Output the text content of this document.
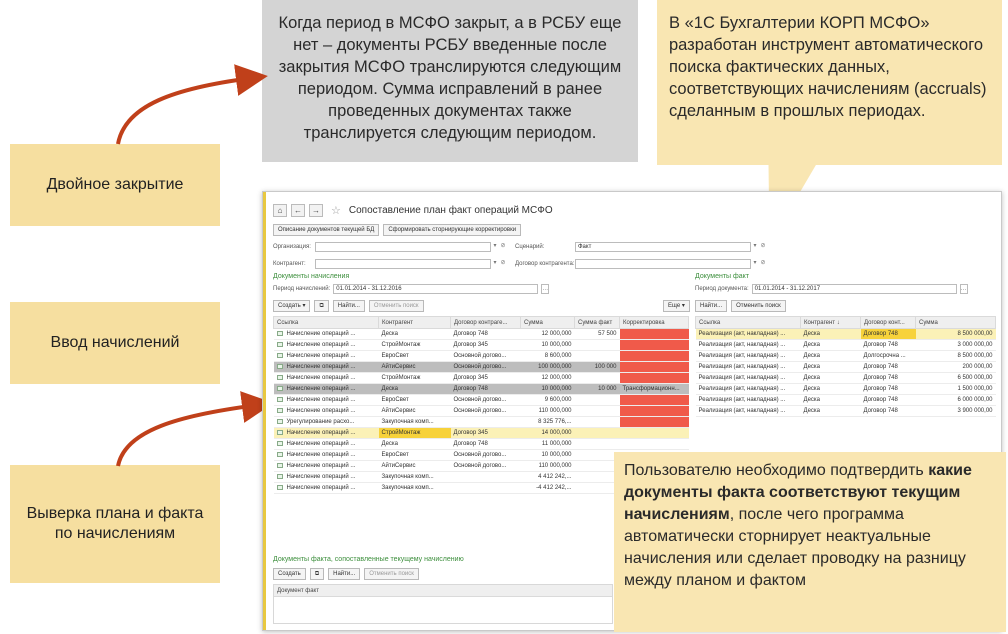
Когда период в МСФО закрыт, а в РСБУ еще нет – документы РСБУ введенные после закрытия МСФО транслируются следующим периодом. Сумма исправлений в ранее проведенных документах также транслируется следующим периодом.
В «1С Бухгалтерии КОРП МСФО» разработан инструмент автоматического поиска фактических данных, соответствующих начислениям (accruals) сделанным в прошлых периодах.
Двойное закрытие
Ввод начислений
Выверка плана и факта по начислениям
⌂	←	→ ☆ Сопоставление план факт операций МСФО
Описание документов текущей БД	Сформировать сторнирующие корректировки
Организация:	▾ ⊘ Сценарий:	Факт	▾ ⊘
Контрагент:	▾ ⊘ Договор контрагента:	▾ ⊘
Документы начисления
Период начислений:	01.01.2014 - 31.12.2016	…
Документы факт
Период документа:	01.01.2014 - 31.12.2017	…
Создать ▾	⧉	Найти...	Отменить поиск	Еще ▾	Найти...	Отменить поиск
Ссылка	Контрагент	Договор контраге...	Сумма	Сумма факт	Корректировка
Начисление операций ...	Деска	Договор 748	12 000,000	57 500	
Начисление операций ...	СтройМонтаж	Договор 345	10 000,000		
Начисление операций ...	ЕвроСвет	Основной догово...	8 600,000		
Начисление операций ...	АйтиСервис	Основной догово...	100 000,000	100 000	
Начисление операций ...	СтройМонтаж	Договор 345	12 000,000		
Начисление операций ...	Деска	Договор 748	10 000,000	10 000	Трансформационн...
Начисление операций ...	ЕвроСвет	Основной догово...	9 600,000		
Начисление операций ...	АйтиСервис	Основной догово...	110 000,000		
Урегулирование расхо...	Закупочная комп...		8 325 776,...		
Начисление операций ...	СтройМонтаж	Договор 345	14 000,000		
Начисление операций ...	Деска	Договор 748	11 000,000		
Начисление операций ...	ЕвроСвет	Основной догово...	10 000,000		
Начисление операций ...	АйтиСервис	Основной догово...	110 000,000		
Начисление операций ...	Закупочная комп...		4 412 242,...		
Начисление операций ...	Закупочная комп...		-4 412 242,...		
Ссылка	Контрагент ↓	Договор конт...	Сумма
Реализация (акт, накладная) ...	Деска	Договор 748	8 500 000,00
Реализация (акт, накладная) ...	Деска	Договор 748	3 000 000,00
Реализация (акт, накладная) ...	Деска	Долгосрочна ...	8 500 000,00
Реализация (акт, накладная) ...	Деска	Договор 748	200 000,00
Реализация (акт, накладная) ...	Деска	Договор 748	6 500 000,00
Реализация (акт, накладная) ...	Деска	Договор 748	1 500 000,00
Реализация (акт, накладная) ...	Деска	Договор 748	6 000 000,00
Реализация (акт, накладная) ...	Деска	Договор 748	3 900 000,00
Документы факта, сопоставленные текущему начислению
Создать	⧉	Найти...	Отменить поиск
Документ факт
Пользователю необходимо подтвердить какие документы факта соответствуют текущим начислениям, после чего программа автоматически сторнирует неактуальные начисления или сделает проводку на разницу между планом и фактом
